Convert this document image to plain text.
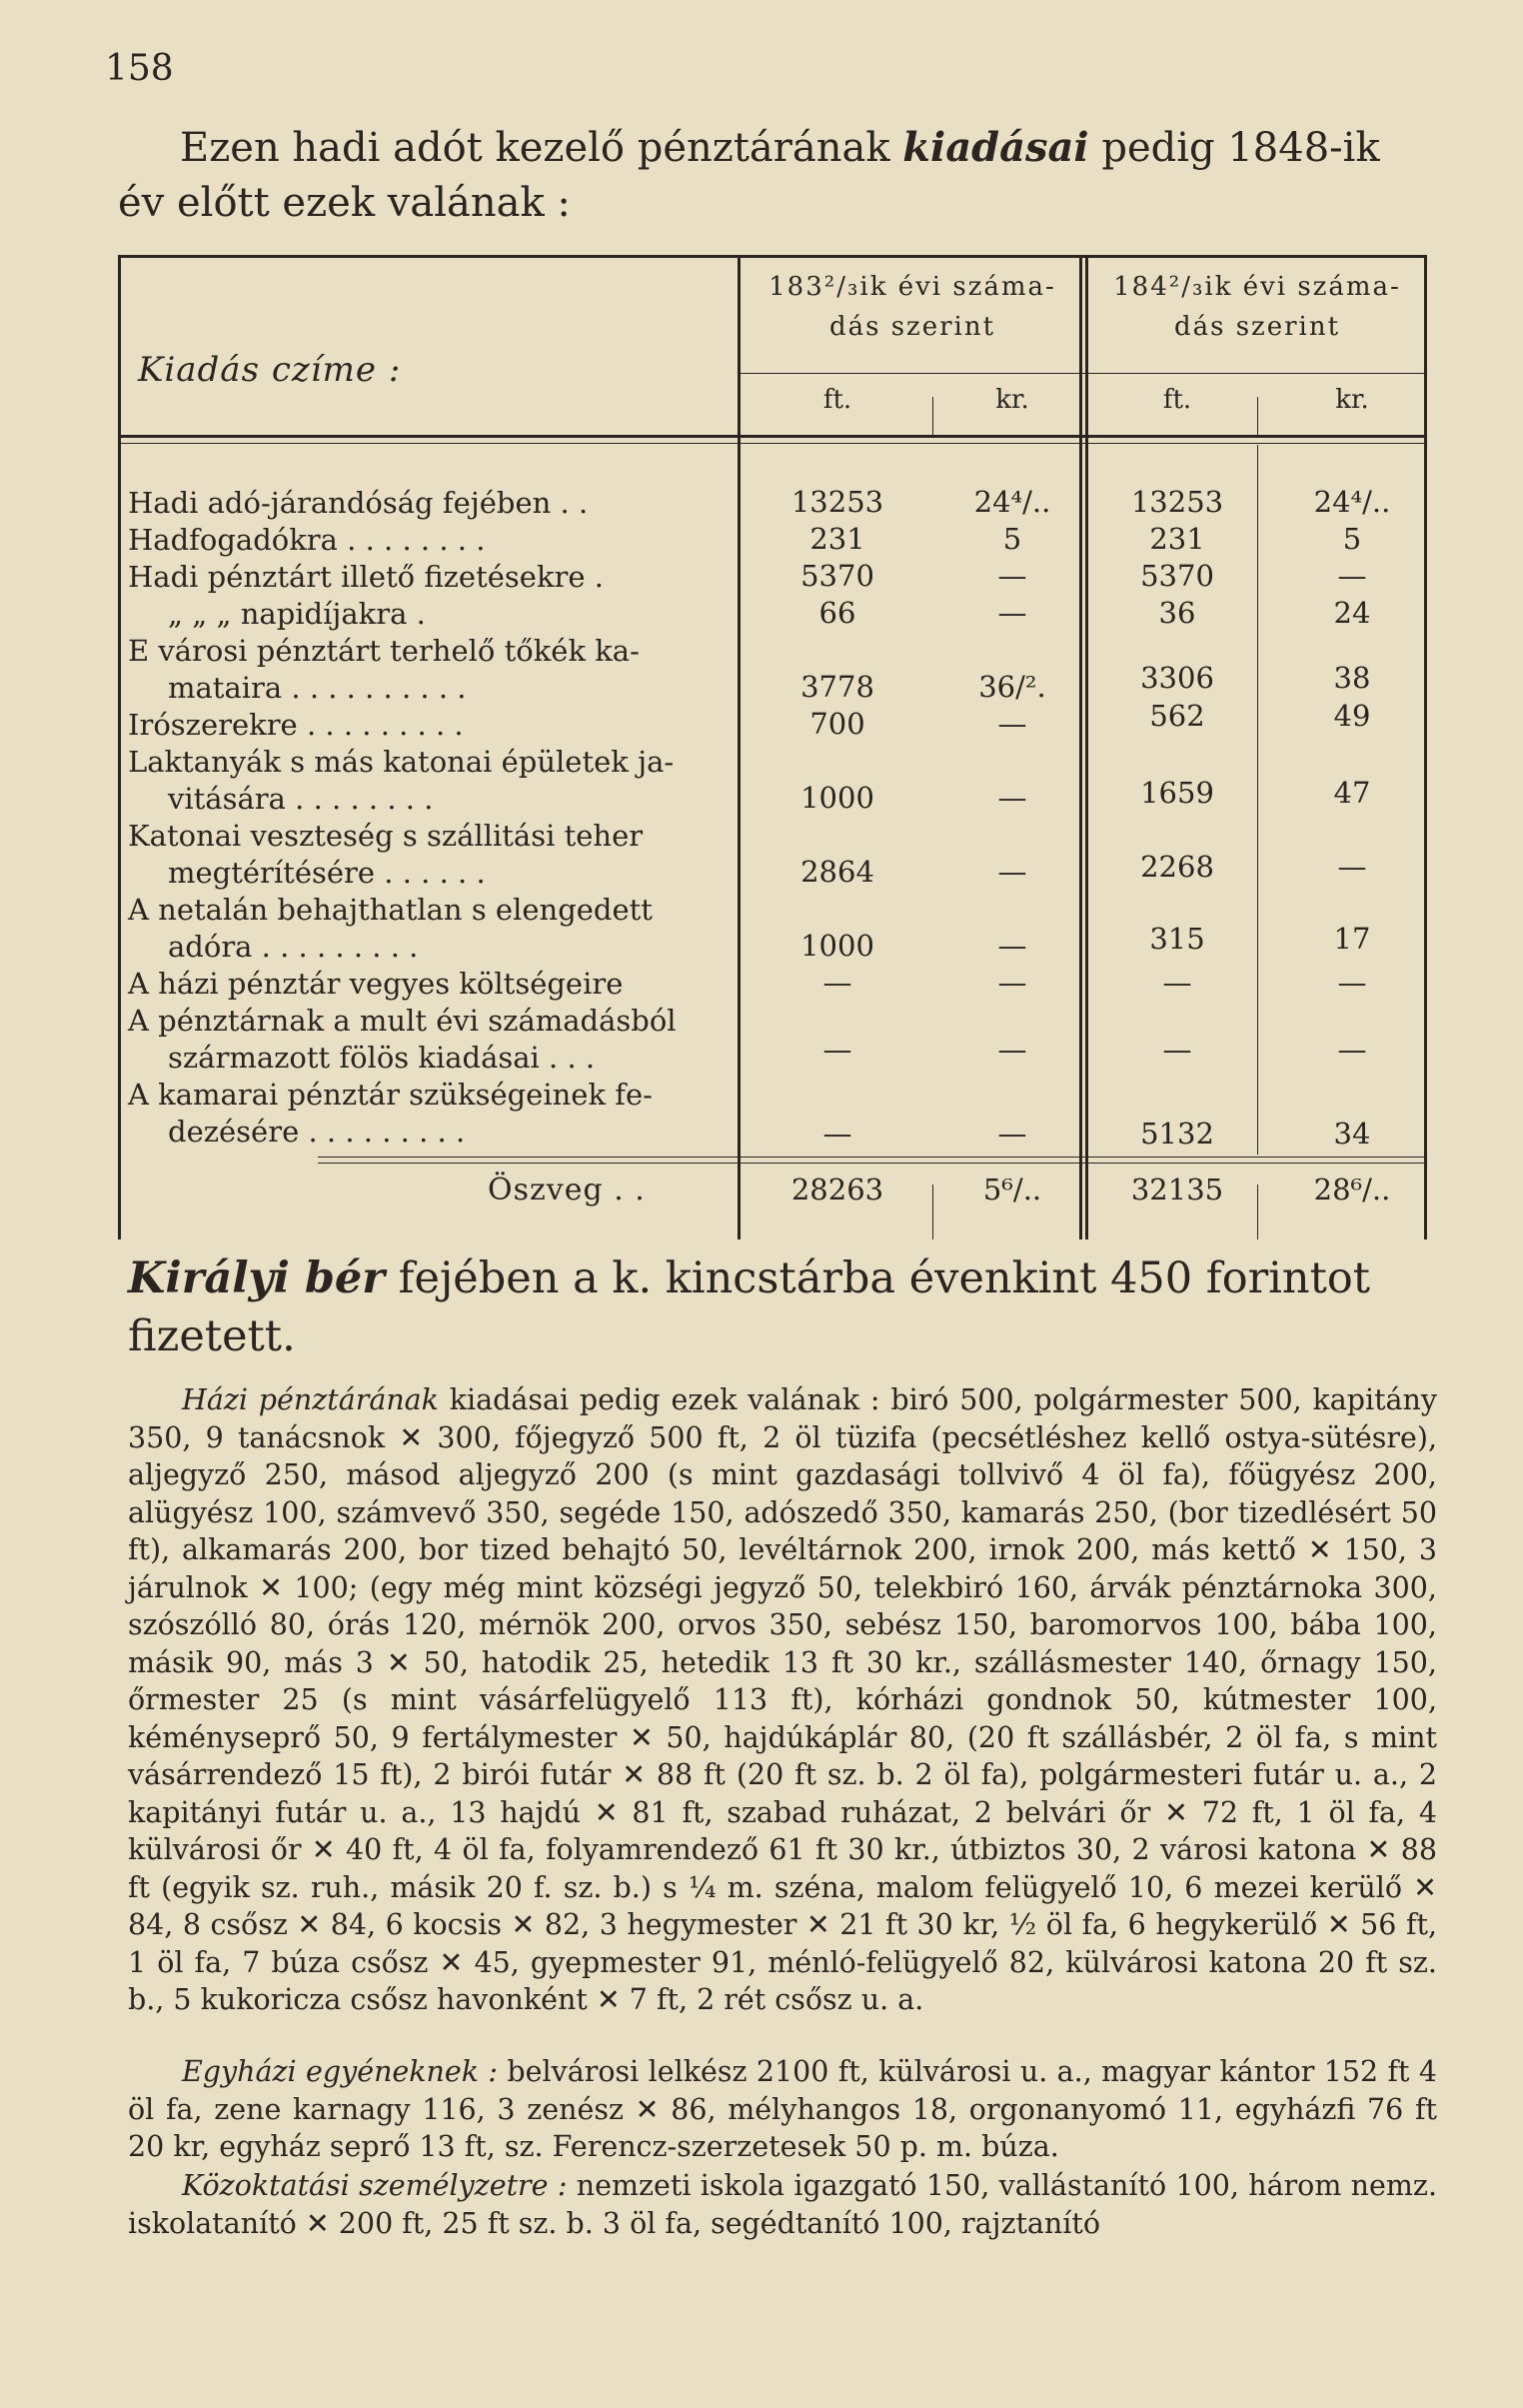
158
Ezen hadi adót kezelő pénztárának kiadásai pedig 1848-ik
év előtt ezek valának :
Kiadás czíme :
183²/₃ik évi száma-
dás szerint
184²/₃ik évi száma-
dás szerint
ft.	kr.	ft.	kr.
Hadi adó-járandóság fejében . .	13253	24⁴/..	13253	24⁴/..
Hadfogadókra . . . . . . . .	231	5	231	5
Hadi pénztárt illető fizetésekre .	5370	—	5370	—
„ „ „ napidíjakra .	66	—	36	24
E városi pénztárt terhelő tőkék ka-
mataira . . . . . . . . . .	3778	36/².	3306	38
Irószerekre . . . . . . . . .	700	—	562	49
Laktanyák s más katonai épületek ja-
vitására . . . . . . . .	1000	—	1659	47
Katonai veszteség s szállitási teher
megtérítésére . . . . . .	2864	—	2268	—
A netalán behajthatlan s elengedett
adóra . . . . . . . . .	1000	—	315	17
A házi pénztár vegyes költségeire	—	—	—	—
A pénztárnak a mult évi számadásból
származott fölös kiadásai . . .	—	—	—	—
A kamarai pénztár szükségeinek fe-
dezésére . . . . . . . . .	—	—	5132	34
Öszveg . .	28263	5⁶/..	32135	28⁶/..
Királyi bér fejében a k. kincstárba évenkint 450 forintot
fizetett.
Házi pénztárának kiadásai pedig ezek valának : biró 500, polgármester 500, kapitány 350, 9 tanácsnok ✕ 300, főjegyző 500 ft, 2 öl tüzifa (pecsétléshez kellő ostya-sütésre), aljegyző 250, másod aljegyző 200 (s mint gazdasági tollvivő 4 öl fa), főügyész 200, alügyész 100, számvevő 350, segéde 150, adószedő 350, kamarás 250, (bor tizedlésért 50 ft), alkamarás 200, bor tized behajtó 50, levéltárnok 200, irnok 200, más kettő ✕ 150, 3 járulnok ✕ 100; (egy még mint községi jegyző 50, telekbiró 160, árvák pénztárnoka 300, szószólló 80, órás 120, mérnök 200, orvos 350, sebész 150, baromorvos 100, bába 100, másik 90, más 3 ✕ 50, hatodik 25, hetedik 13 ft 30 kr., szállásmester 140, őrnagy 150, őrmester 25 (s mint vásárfelügyelő 113 ft), kórházi gondnok 50, kútmester 100, kéményseprő 50, 9 fertálymester ✕ 50, hajdúkáplár 80, (20 ft szállásbér, 2 öl fa, s mint vásárrendező 15 ft), 2 birói futár ✕ 88 ft (20 ft sz. b. 2 öl fa), polgármesteri futár u. a., 2 kapitányi futár u. a., 13 hajdú ✕ 81 ft, szabad ruházat, 2 belvári őr ✕ 72 ft, 1 öl fa, 4 külvárosi őr ✕ 40 ft, 4 öl fa, folyamrendező 61 ft 30 kr., útbiztos 30, 2 városi katona ✕ 88 ft (egyik sz. ruh., másik 20 f. sz. b.) s ¼ m. széna, malom felügyelő 10, 6 mezei kerülő ✕ 84, 8 csősz ✕ 84, 6 kocsis ✕ 82, 3 hegymester ✕ 21 ft 30 kr, ½ öl fa, 6 hegykerülő ✕ 56 ft, 1 öl fa, 7 búza csősz ✕ 45, gyepmester 91, ménló-felügyelő 82, külvárosi katona 20 ft sz. b., 5 kukoricza csősz havonként ✕ 7 ft, 2 rét csősz u. a.
Egyházi egyéneknek : belvárosi lelkész 2100 ft, külvárosi u. a., magyar kántor 152 ft 4 öl fa, zene karnagy 116, 3 zenész ✕ 86, mélyhangos 18, orgonanyomó 11, egyházfi 76 ft 20 kr, egyház seprő 13 ft, sz. Ferencz-szerzetesek 50 p. m. búza.
Közoktatási személyzetre : nemzeti iskola igazgató 150, vallástanító 100, három nemz. iskolatanító ✕ 200 ft, 25 ft sz. b. 3 öl fa, segédtanító 100, rajztanító
